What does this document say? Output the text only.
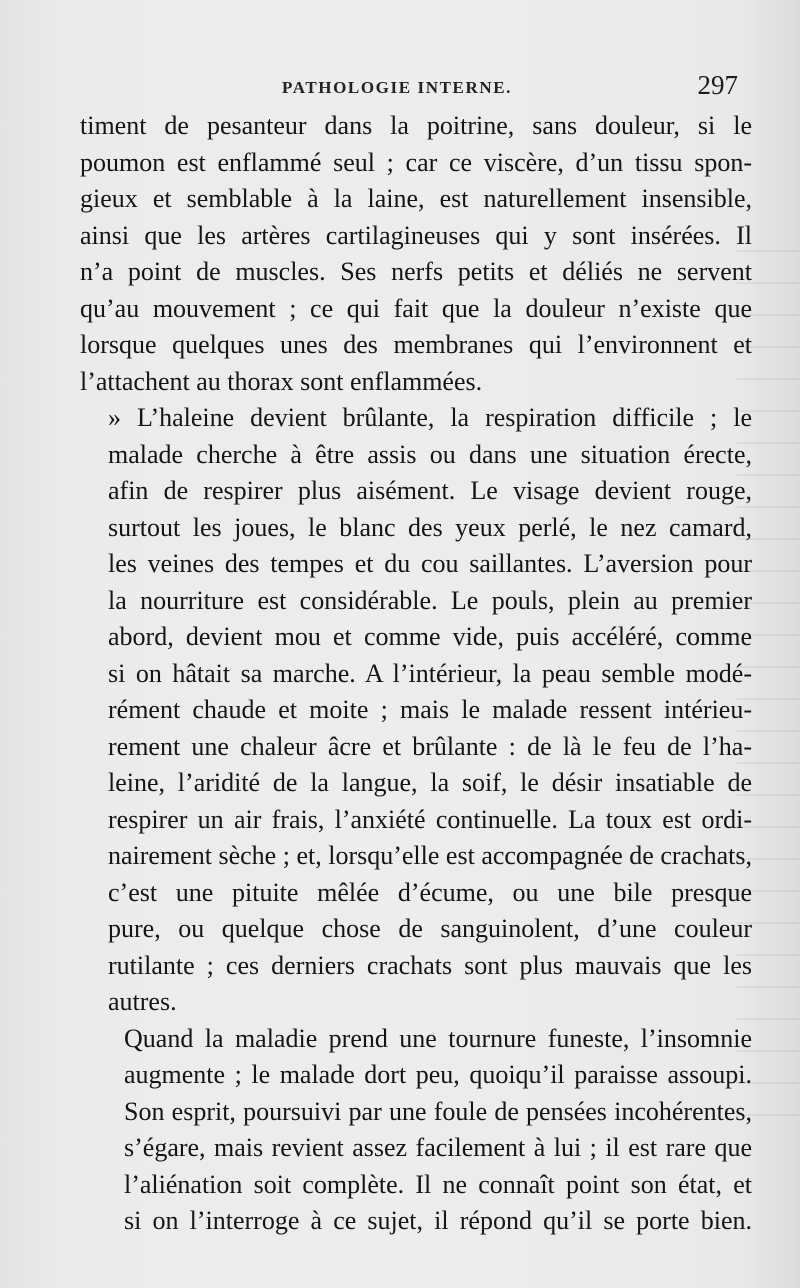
PATHOLOGIE INTERNE.	297

timent de pesanteur dans la poitrine, sans douleur, si le
poumon est enflammé seul ; car ce viscère, d’un tissu spon-
gieux et semblable à la laine, est naturellement insensible,
ainsi que les artères cartilagineuses qui y sont insérées. Il
n’a point de muscles. Ses nerfs petits et déliés ne servent
qu’au mouvement ; ce qui fait que la douleur n’existe que
lorsque quelques unes des membranes qui l’environnent et
l’attachent au thorax sont enflammées.

» L’haleine devient brûlante, la respiration difficile ; le
malade cherche à être assis ou dans une situation érecte,
afin de respirer plus aisément. Le visage devient rouge,
surtout les joues, le blanc des yeux perlé, le nez camard,
les veines des tempes et du cou saillantes. L’aversion pour
la nourriture est considérable. Le pouls, plein au premier
abord, devient mou et comme vide, puis accéléré, comme
si on hâtait sa marche. A l’intérieur, la peau semble modé-
rément chaude et moite ; mais le malade ressent intérieu-
rement une chaleur âcre et brûlante : de là le feu de l’ha-
leine, l’aridité de la langue, la soif, le désir insatiable de
respirer un air frais, l’anxiété continuelle. La toux est ordi-
nairement sèche ; et, lorsqu’elle est accompagnée de crachats,
c’est une pituite mêlée d’écume, ou une bile presque
pure, ou quelque chose de sanguinolent, d’une couleur
rutilante ; ces derniers crachats sont plus mauvais que les
autres.

Quand la maladie prend une tournure funeste, l’insomnie
augmente ; le malade dort peu, quoiqu’il paraisse assoupi.
Son esprit, poursuivi par une foule de pensées incohérentes,
s’égare, mais revient assez facilement à lui ; il est rare que
l’aliénation soit complète. Il ne connaît point son état, et
si on l’interroge à ce sujet, il répond qu’il se porte bien.
